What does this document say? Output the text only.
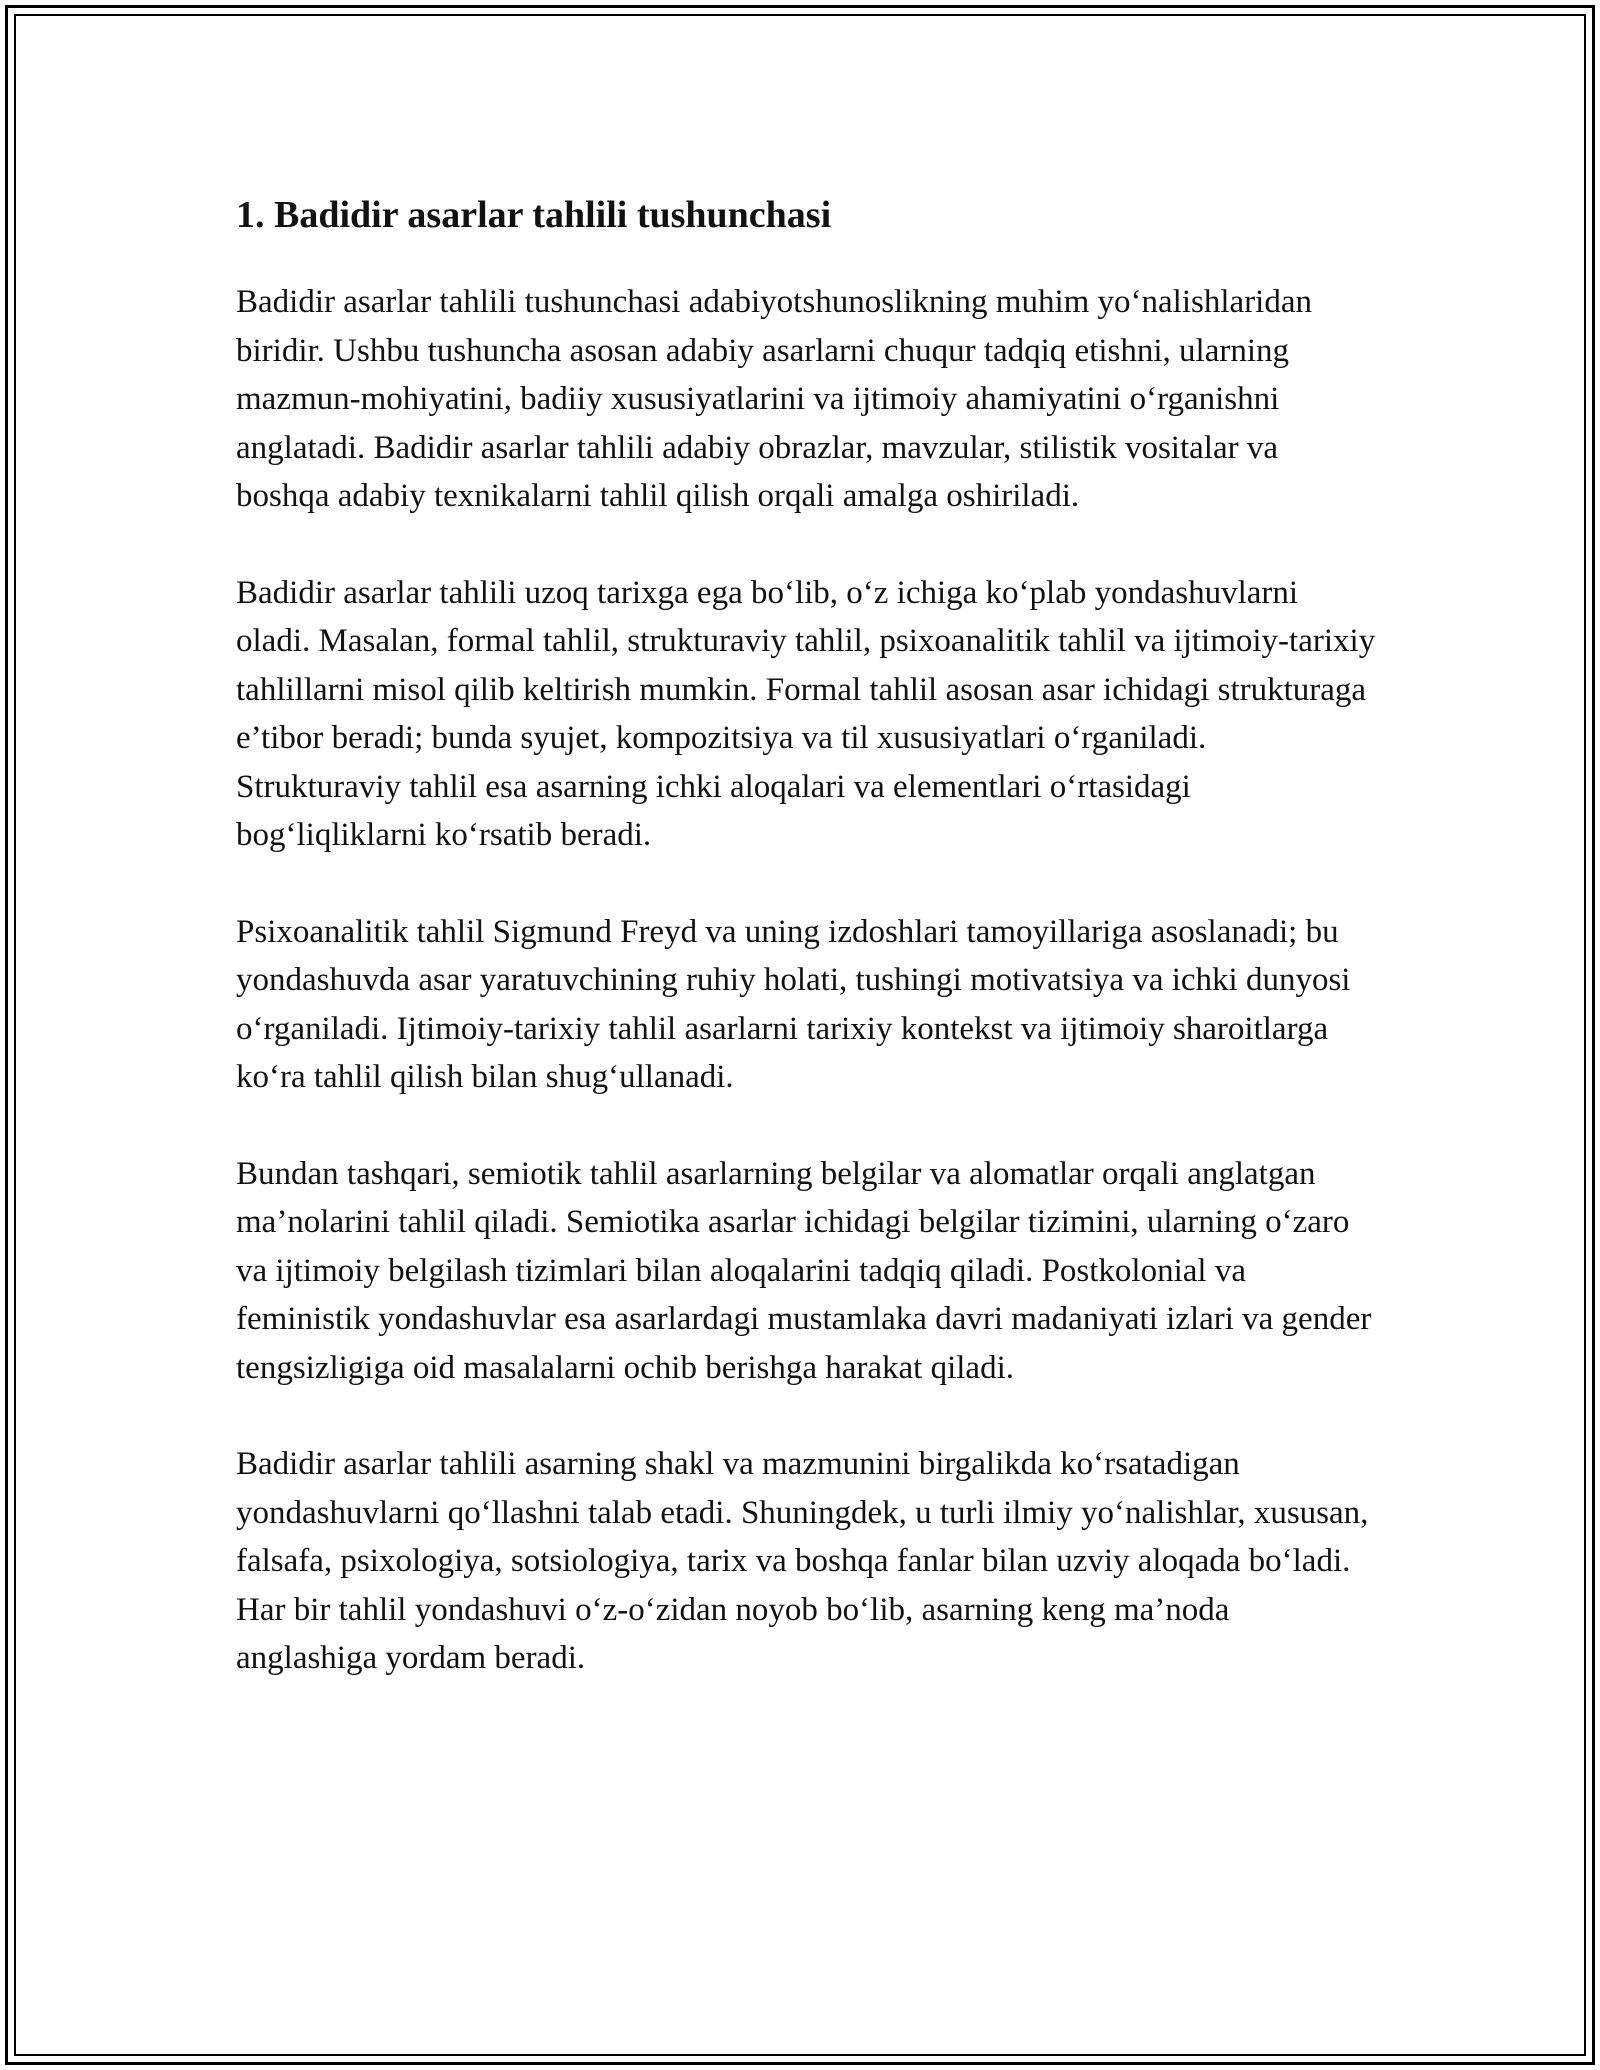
1. Badidir asarlar tahlili tushunchasi

Badidir asarlar tahlili tushunchasi adabiyotshunoslikning muhim yo‘nalishlaridan biridir. Ushbu tushuncha asosan adabiy asarlarni chuqur tadqiq etishni, ularning mazmun-mohiyatini, badiiy xususiyatlarini va ijtimoiy ahamiyatini o‘rganishni anglatadi. Badidir asarlar tahlili adabiy obrazlar, mavzular, stilistik vositalar va boshqa adabiy texnikalarni tahlil qilish orqali amalga oshiriladi.

Badidir asarlar tahlili uzoq tarixga ega bo‘lib, o‘z ichiga ko‘plab yondashuvlarni oladi. Masalan, formal tahlil, strukturaviy tahlil, psixoanalitik tahlil va ijtimoiy-tarixiy tahlillarni misol qilib keltirish mumkin. Formal tahlil asosan asar ichidagi strukturaga e’tibor beradi; bunda syujet, kompozitsiya va til xususiyatlari o‘rganiladi. Strukturaviy tahlil esa asarning ichki aloqalari va elementlari o‘rtasidagi bog‘liqliklarni ko‘rsatib beradi.

Psixoanalitik tahlil Sigmund Freyd va uning izdoshlari tamoyillariga asoslanadi; bu yondashuvda asar yaratuvchining ruhiy holati, tushingi motivatsiya va ichki dunyosi o‘rganiladi. Ijtimoiy-tarixiy tahlil asarlarni tarixiy kontekst va ijtimoiy sharoitlarga ko‘ra tahlil qilish bilan shug‘ullanadi.

Bundan tashqari, semiotik tahlil asarlarning belgilar va alomatlar orqali anglatgan ma’nolarini tahlil qiladi. Semiotika asarlar ichidagi belgilar tizimini, ularning o‘zaro va ijtimoiy belgilash tizimlari bilan aloqalarini tadqiq qiladi. Postkolonial va feministik yondashuvlar esa asarlardagi mustamlaka davri madaniyati izlari va gender tengsizligiga oid masalalarni ochib berishga harakat qiladi.

Badidir asarlar tahlili asarning shakl va mazmunini birgalikda ko‘rsatadigan yondashuvlarni qo‘llashni talab etadi. Shuningdek, u turli ilmiy yo‘nalishlar, xususan, falsafa, psixologiya, sotsiologiya, tarix va boshqa fanlar bilan uzviy aloqada bo‘ladi. Har bir tahlil yondashuvi o‘z-o‘zidan noyob bo‘lib, asarning keng ma’noda anglashiga yordam beradi.
